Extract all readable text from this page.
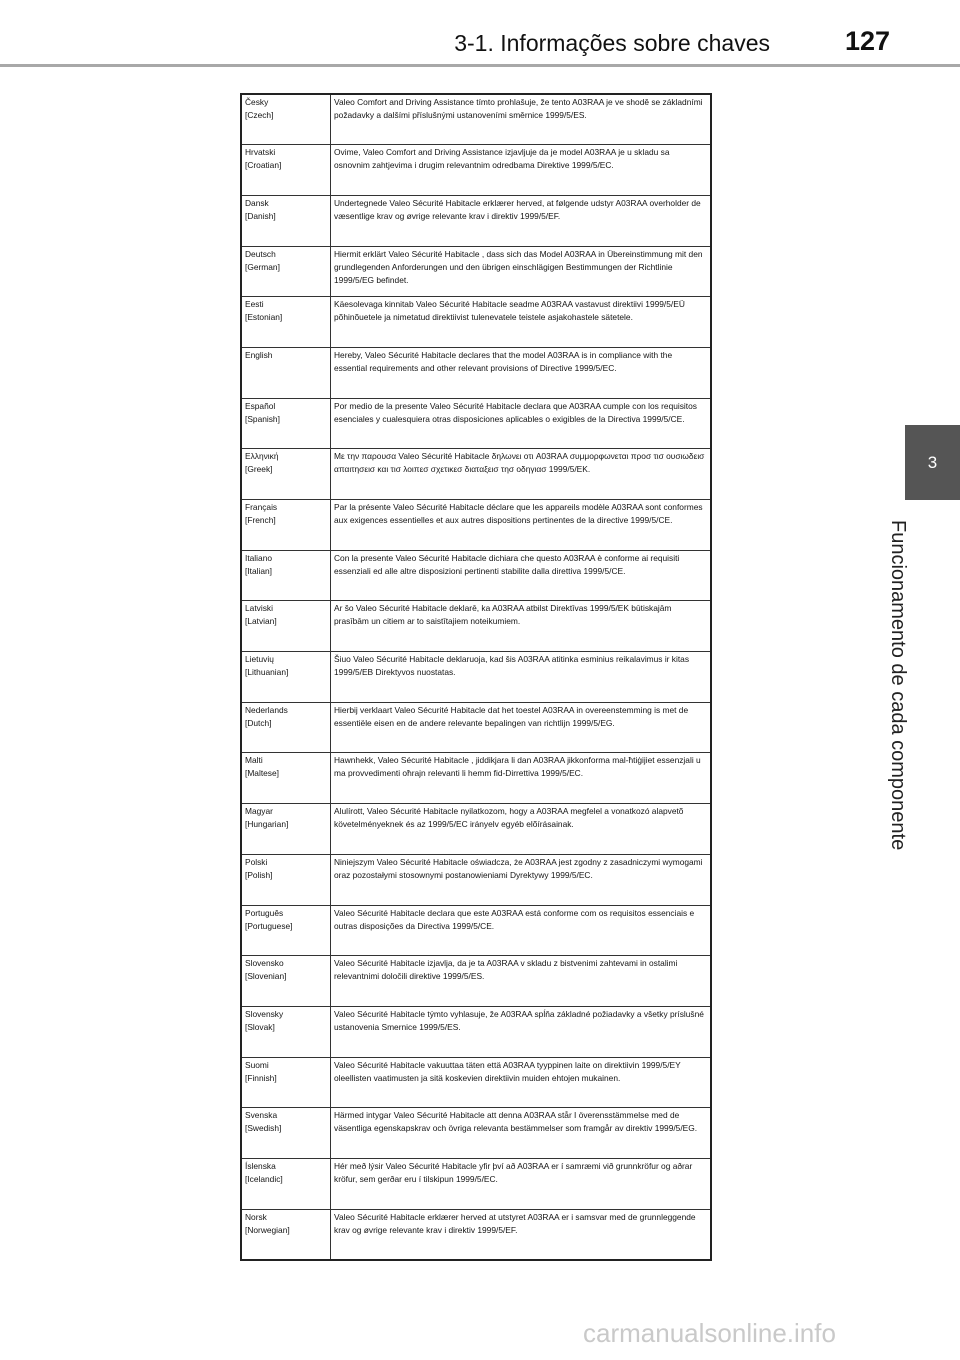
3-1. Informações sobre chaves	127
3
Funcionamento de cada componente
Česky
[Czech]	Valeo Comfort and Driving Assistance tímto prohlašuje, že tento A03RAA je ve shodě se základními požadavky a dalšími příslušnými ustanoveními směrnice 1999/5/ES.

Hrvatski
[Croatian]	Ovime, Valeo Comfort and Driving Assistance izjavljuje da je model A03RAA je u skladu sa osnovnim zahtjevima i drugim relevantnim odredbama Direktive 1999/5/EC.

Dansk
[Danish]	Undertegnede Valeo Sécurité Habitacle erklærer herved, at følgende udstyr A03RAA overholder de væsentlige krav og øvrige relevante krav i direktiv 1999/5/EF.

Deutsch
[German]	Hiermit erklärt Valeo Sécurité Habitacle , dass sich das Model A03RAA in Übereinstimmung mit den grundlegenden Anforderungen und den übrigen einschlägigen Bestimmungen der Richtlinie 1999/5/EG befindet.

Eesti
[Estonian]	Käesolevaga kinnitab Valeo Sécurité Habitacle seadme A03RAA vastavust direktiivi 1999/5/EÜ põhinõuetele ja nimetatud direktiivist tulenevatele teistele asjakohastele sätetele.

English	Hereby, Valeo Sécurité Habitacle declares that the model A03RAA is in compliance with the essential requirements and other relevant provisions of Directive 1999/5/EC.

Español
[Spanish]	Por medio de la presente Valeo Sécurité Habitacle declara que A03RAA cumple con los requisitos esenciales y cualesquiera otras disposiciones aplicables o exigibles de la Directiva 1999/5/CE.

Ελληνική
[Greek]	Με την παρουσα Valeo Sécurité Habitacle δηλωνει οτι A03RAA συμμορφωνεται προσ τισ ουσιωδεισ απαιτησεισ και τισ λοιπεσ σχετικεσ διαταξεισ τησ οδηγιασ 1999/5/ΕΚ.

Français
[French]	Par la présente Valeo Sécurité Habitacle déclare que les appareils modèle A03RAA sont conformes aux exigences essentielles et aux autres dispositions pertinentes de la directive 1999/5/CE.

Italiano
[Italian]	Con la presente Valeo Sécurité Habitacle dichiara che questo A03RAA è conforme ai requisiti essenziali ed alle altre disposizioni pertinenti stabilite dalla direttiva 1999/5/CE.

Latviski
[Latvian]	Ar šo Valeo Sécurité Habitacle deklarē, ka A03RAA atbilst Direktīvas 1999/5/EK būtiskajām prasībām un citiem ar to saistītajiem noteikumiem.

Lietuvių
[Lithuanian]	Šiuo Valeo Sécurité Habitacle deklaruoja, kad šis A03RAA atitinka esminius reikalavimus ir kitas 1999/5/EB Direktyvos nuostatas.

Nederlands
[Dutch]	Hierbij verklaart Valeo Sécurité Habitacle dat het toestel A03RAA in overeenstemming is met de essentiële eisen en de andere relevante bepalingen van richtlijn 1999/5/EG.

Malti
[Maltese]	Hawnhekk, Valeo Sécurité Habitacle , jiddikjara li dan A03RAA jikkonforma mal-ħtiġijiet essenzjali u ma provvedimenti oħrajn relevanti li hemm fid-Dirrettiva 1999/5/EC.

Magyar
[Hungarian]	Alulírott, Valeo Sécurité Habitacle nyilatkozom, hogy a A03RAA megfelel a vonatkozó alapvetõ követelményeknek és az 1999/5/EC irányelv egyéb elõírásainak.

Polski
[Polish]	Niniejszym Valeo Sécurité Habitacle oświadcza, że A03RAA jest zgodny z zasadniczymi wymogami oraz pozostałymi stosownymi postanowieniami Dyrektywy 1999/5/EC.

Português
[Portuguese]	Valeo Sécurité Habitacle declara que este A03RAA está conforme com os requisitos essenciais e outras disposições da Directiva 1999/5/CE.

Slovensko
[Slovenian]	Valeo Sécurité Habitacle izjavlja, da je ta A03RAA v skladu z bistvenimi zahtevami in ostalimi relevantnimi določili direktive 1999/5/ES.

Slovensky
[Slovak]	Valeo Sécurité Habitacle týmto vyhlasuje, že A03RAA spĺňa základné požiadavky a všetky príslušné ustanovenia Smernice 1999/5/ES.

Suomi
[Finnish]	Valeo Sécurité Habitacle vakuuttaa täten että A03RAA tyyppinen laite on direktiivin 1999/5/EY oleellisten vaatimusten ja sitä koskevien direktiivin muiden ehtojen mukainen.

Svenska
[Swedish]	Härmed intygar Valeo Sécurité Habitacle att denna A03RAA står I överensstämmelse med de väsentliga egenskapskrav och övriga relevanta bestämmelser som framgår av direktiv 1999/5/EG.

Íslenska
[Icelandic]	Hér með lýsir Valeo Sécurité Habitacle yfir því að A03RAA er í samræmi við grunnkröfur og aðrar kröfur, sem gerðar eru í tilskipun 1999/5/EC.

Norsk
[Norwegian]	Valeo Sécurité Habitacle erklærer herved at utstyret A03RAA er i samsvar med de grunnleggende krav og øvrige relevante krav i direktiv 1999/5/EF.
carmanualsonline.info
